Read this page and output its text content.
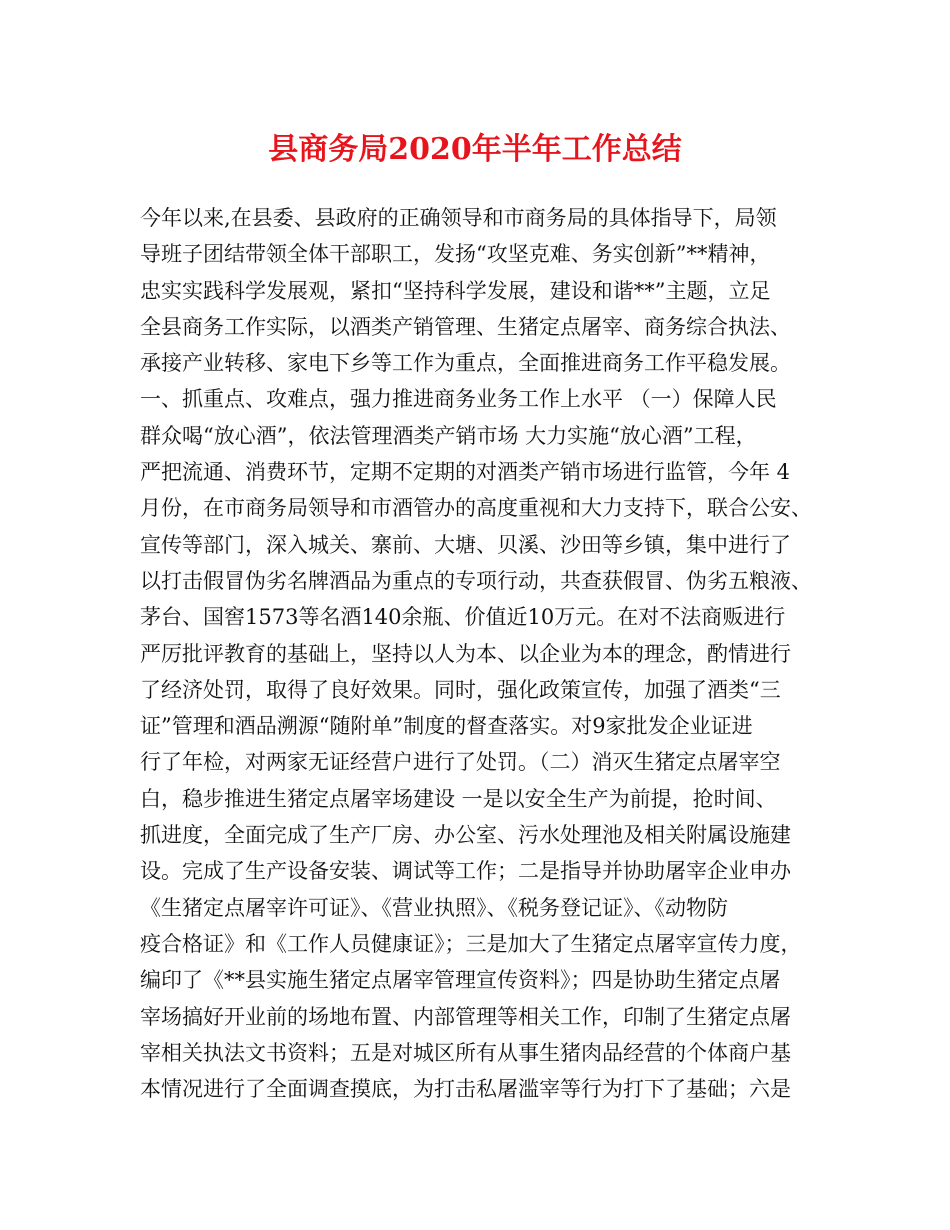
县商务局2020年半年工作总结
今年以来,在县委、县政府的正确领导和市商务局的具体指导下，局领
导班子团结带领全体干部职工，发扬“攻坚克难、务实创新”**精神，
忠实实践科学发展观，紧扣“坚持科学发展，建设和谐**”主题，立足
全县商务工作实际，以酒类产销管理、生猪定点屠宰、商务综合执法、
承接产业转移、家电下乡等工作为重点，全面推进商务工作平稳发展。
一、抓重点、攻难点，强力推进商务业务工作上水平 （一）保障人民
群众喝“放心酒”，依法管理酒类产销市场 大力实施“放心酒”工程，
严把流通、消费环节，定期不定期的对酒类产销市场进行监管，今年 4
月份，在市商务局领导和市酒管办的高度重视和大力支持下，联合公安、
宣传等部门，深入城关、寨前、大塘、贝溪、沙田等乡镇，集中进行了
以打击假冒伪劣名牌酒品为重点的专项行动，共查获假冒、伪劣五粮液、
茅台、国窖1573等名酒140余瓶、价值近10万元。在对不法商贩进行
严厉批评教育的基础上，坚持以人为本、以企业为本的理念，酌情进行
了经济处罚，取得了良好效果。同时，强化政策宣传，加强了酒类“三
证”管理和酒品溯源“随附单”制度的督查落实。对9家批发企业证进
行了年检，对两家无证经营户进行了处罚。（二）消灭生猪定点屠宰空
白，稳步推进生猪定点屠宰场建设 一是以安全生产为前提，抢时间、
抓进度，全面完成了生产厂房、办公室、污水处理池及相关附属设施建
设。完成了生产设备安装、调试等工作；二是指导并协助屠宰企业申办
《生猪定点屠宰许可证》、《营业执照》、《税务登记证》、《动物防
疫合格证》和《工作人员健康证》；三是加大了生猪定点屠宰宣传力度，
编印了《**县实施生猪定点屠宰管理宣传资料》；四是协助生猪定点屠
宰场搞好开业前的场地布置、内部管理等相关工作，印制了生猪定点屠
宰相关执法文书资料；五是对城区所有从事生猪肉品经营的个体商户基
本情况进行了全面调查摸底，为打击私屠滥宰等行为打下了基础；六是
